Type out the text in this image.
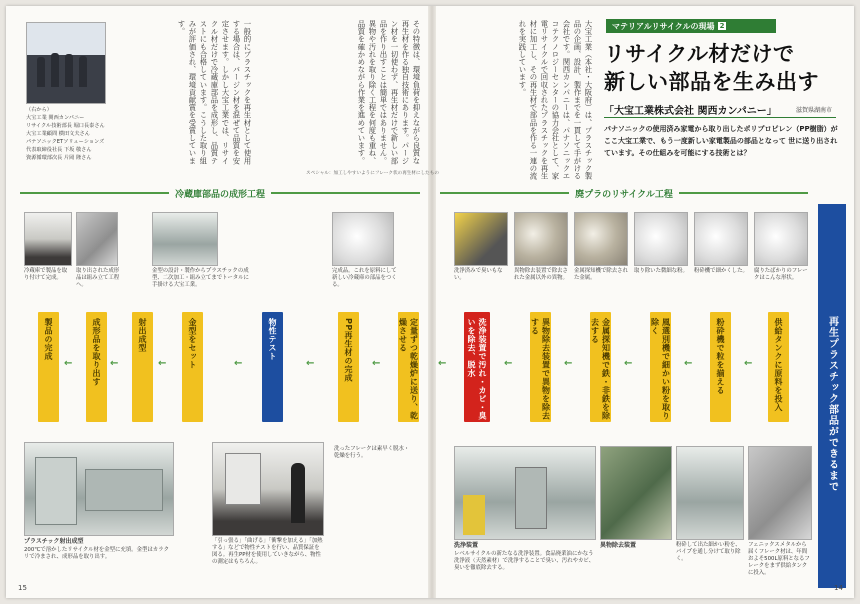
マテリアルリサイクルの現場 2
リサイクル材だけで
新しい部品を生み出す
「大宝工業株式会社 関西カンパニー」	滋賀県湖南市
パナソニックの使用済み家電から取り出したポリプロピレン（PP樹脂）が ここ大宝工業で、もう一度新しい家電製品の部品となって 世に送り出されています。その仕組みを可能にする技術とは？
大宝工業（本社・大阪府）は、プラスチック製品の企画、設計、製作までを一貫して手がける会社です。関西カンパニーは、パナソニックエコテクノロジーセンターの協力会社として、家電リサイクルで回収されたプラスチックを再生材に加工し、その再生材で部品を作る一連の流れを実践しています。
スペシャル：加工しやすいようにフレーク状の再生材にしたもの
（右から）
大宝工業 関西カンパニー
リサイクル技術部長 堀口長泰さん
大宝工業顧問 横田文夫さん
パナソニックETソリューションズ
代表取締役社長 下坂 敬さん
資源循環部次長 片岡 隆さん	一般的にプラスチックを再生材として使用する場合は、バージン材を混ぜて品質を安定させます。しかし大宝工業では、リサイクル材だけで冷蔵庫部品を成形し、品質テストにも合格しています。こうした取り組みが評価され、環境貢献賞を受賞しています。	その特徴は、環境負荷を抑えながら良質な再生材を作る独自技術にあります。パージン材を一切使わず、再生材だけで新しい部品を作り出すことは簡単ではありません。異物や汚れを取り除く工程を何度も重ね、品質を確かめながら作業を進めています。
冷蔵庫部品の成形工程	廃プラのリサイクル工程
再生プラスチック部品ができるまで
腐りたばかりのフレークはこんな形状。
粉砕機で細かくした。
取り除いた微細な粉。
金属探知機で除去された金属。
異物除去装置で除去された金属以外の異物。
洗浄済みで臭いもない。
供給タンクに原料を投入
←
粉砕機で粒を揃える
←
風選別機で細かい粉を取り除く
←
金属探知機で鉄・非鉄を除去する
←
異物除去装置で異物を除去する
←
洗浄装置で汚れ・カビ・臭いを除去、脱水
←
洗浄装置
レベルサイクルの新たなる洗浄装置。食品廃業油にかなう洗浄液（天然素材）で洗浄することで臭い、汚れやカビ、臭いを徹底除去する。
異物除去装置	粉砕して出た細かい粉を、パイプを通し分けて取り除く。
フェニックスメタルから届くフレーク材は、年間およそ500L原料となるフレークをまず供給タンクに投入。
定量ずつ乾燥炉に送り、乾燥させる
洗ったフレークは素早く脱水・乾燥を行う。
←
完成品。これを原料にして新しい冷蔵庫の部品をつくる。
PP再生材の完成
←
物性テスト
←
金型の設計・製作からプラスチックの成型、二次加工・組み立てまでトータルに手掛ける大宝工業。
金型をセット
←
射出成型
←
取り出された成形品は組み立て工程へ。
成形品を取り出す
←
冷蔵庫で製品を取り付けて完成。
製品の完成
プラスチック射出成型
200℃で溶かしたリサイクル材を金型に充填。金型はカラクリで冷まされ、成形品を取り出す。
「引っ張る」「曲げる」「衝撃を加える」「加熱する」などで物性テストを行い、品質保証を図る。再生PP材を使用していきながら、物性の測定はもちろん。
15	14
